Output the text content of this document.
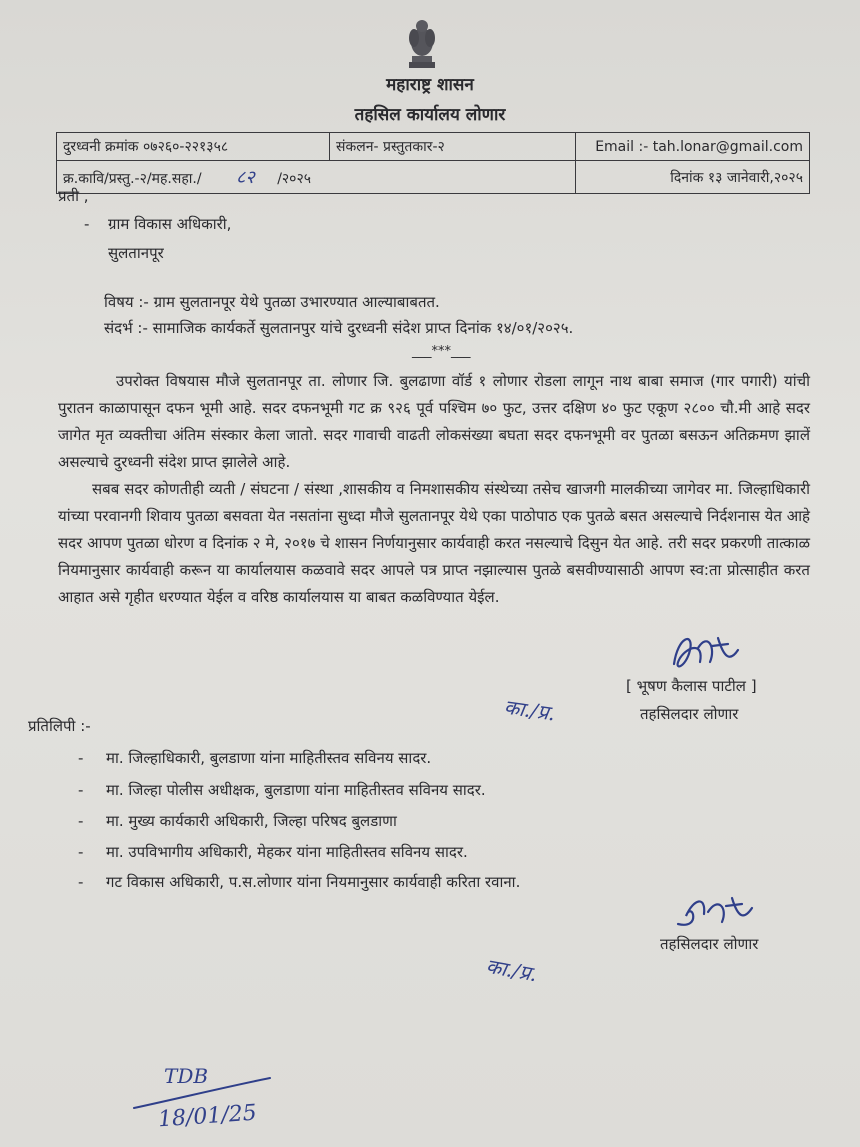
महाराष्ट्र शासन
तहसिल कार्यालय लोणार
दुरध्वनी क्रमांक ०७२६०-२२१३५८	संकलन- प्रस्तुतकार-२	Email :- tah.lonar@gmail.com
क्र.कावि/प्रस्तु.-२/मह.सहा./ ८२ /२०२५		दिनांक १३ जानेवारी,२०२५
प्रती ,
- ग्राम विकास अधिकारी,
सुलतानपूर
विषय :- ग्राम सुलतानपूर येथे पुतळा उभारण्यात आल्याबाबतत.
संदर्भ :- सामाजिक कार्यकर्ते सुलतानपुर यांचे दुरध्वनी संदेश प्राप्त दिनांक १४/०१/२०२५.
___***___
उपरोक्त विषयास मौजे सुलतानपूर ता. लोणार जि. बुलढाणा वॉर्ड १ लोणार रोडला लागून नाथ बाबा समाज (गार पगारी) यांची पुरातन काळापासून दफन भूमी आहे. सदर दफनभूमी गट क्र ९२६ पूर्व पश्चिम ७० फुट, उत्तर दक्षिण ४० फुट एकूण २८०० चौ.मी आहे सदर जागेत मृत व्यक्तीचा अंतिम संस्कार केला जातो. सदर गावाची वाढती लोकसंख्या बघता सदर दफनभूमी वर पुतळा बसऊन अतिक्रमण झालें असल्याचे दुरध्वनी संदेश प्राप्त झालेले आहे.
सबब सदर कोणतीही व्यती / संघटना / संस्था ,शासकीय व निमशासकीय संस्थेच्या तसेच खाजगी मालकीच्या जागेवर मा. जिल्हाधिकारी यांच्या परवानगी शिवाय पुतळा बसवता येत नसतांना सुध्दा मौजे सुलतानपूर येथे एका पाठोपाठ एक पुतळे बसत असल्याचे निर्दशनास येत आहे सदर आपण पुतळा धोरण व दिनांक २ मे, २०१७ चे शासन निर्णयानुसार कार्यवाही करत नसल्याचे दिसुन येत आहे. तरी सदर प्रकरणी तात्काळ नियमानुसार कार्यवाही करून या कार्यालयास कळवावे सदर आपले पत्र प्राप्त नझाल्यास पुतळे बसवीण्यासाठी आपण स्व:ता प्रोत्साहीत करत आहात असे गृहीत धरण्यात येईल व वरिष्ठ कार्यालयास या बाबत कळविण्यात येईल.
[ भूषण कैलास पाटील ]
तहसिलदार लोणार
का./प्र.
प्रतिलिपी :-
- मा. जिल्हाधिकारी, बुलडाणा यांना माहितीस्तव सविनय सादर.
- मा. जिल्हा पोलीस अधीक्षक, बुलडाणा यांना माहितीस्तव सविनय सादर.
- मा. मुख्य कार्यकारी अधिकारी, जिल्हा परिषद बुलडाणा
- मा. उपविभागीय अधिकारी, मेहकर यांना माहितीस्तव सविनय सादर.
- गट विकास अधिकारी, प.स.लोणार यांना नियमानुसार कार्यवाही करिता रवाना.
तहसिलदार लोणार
का./प्र.
TDB
18/01/25
